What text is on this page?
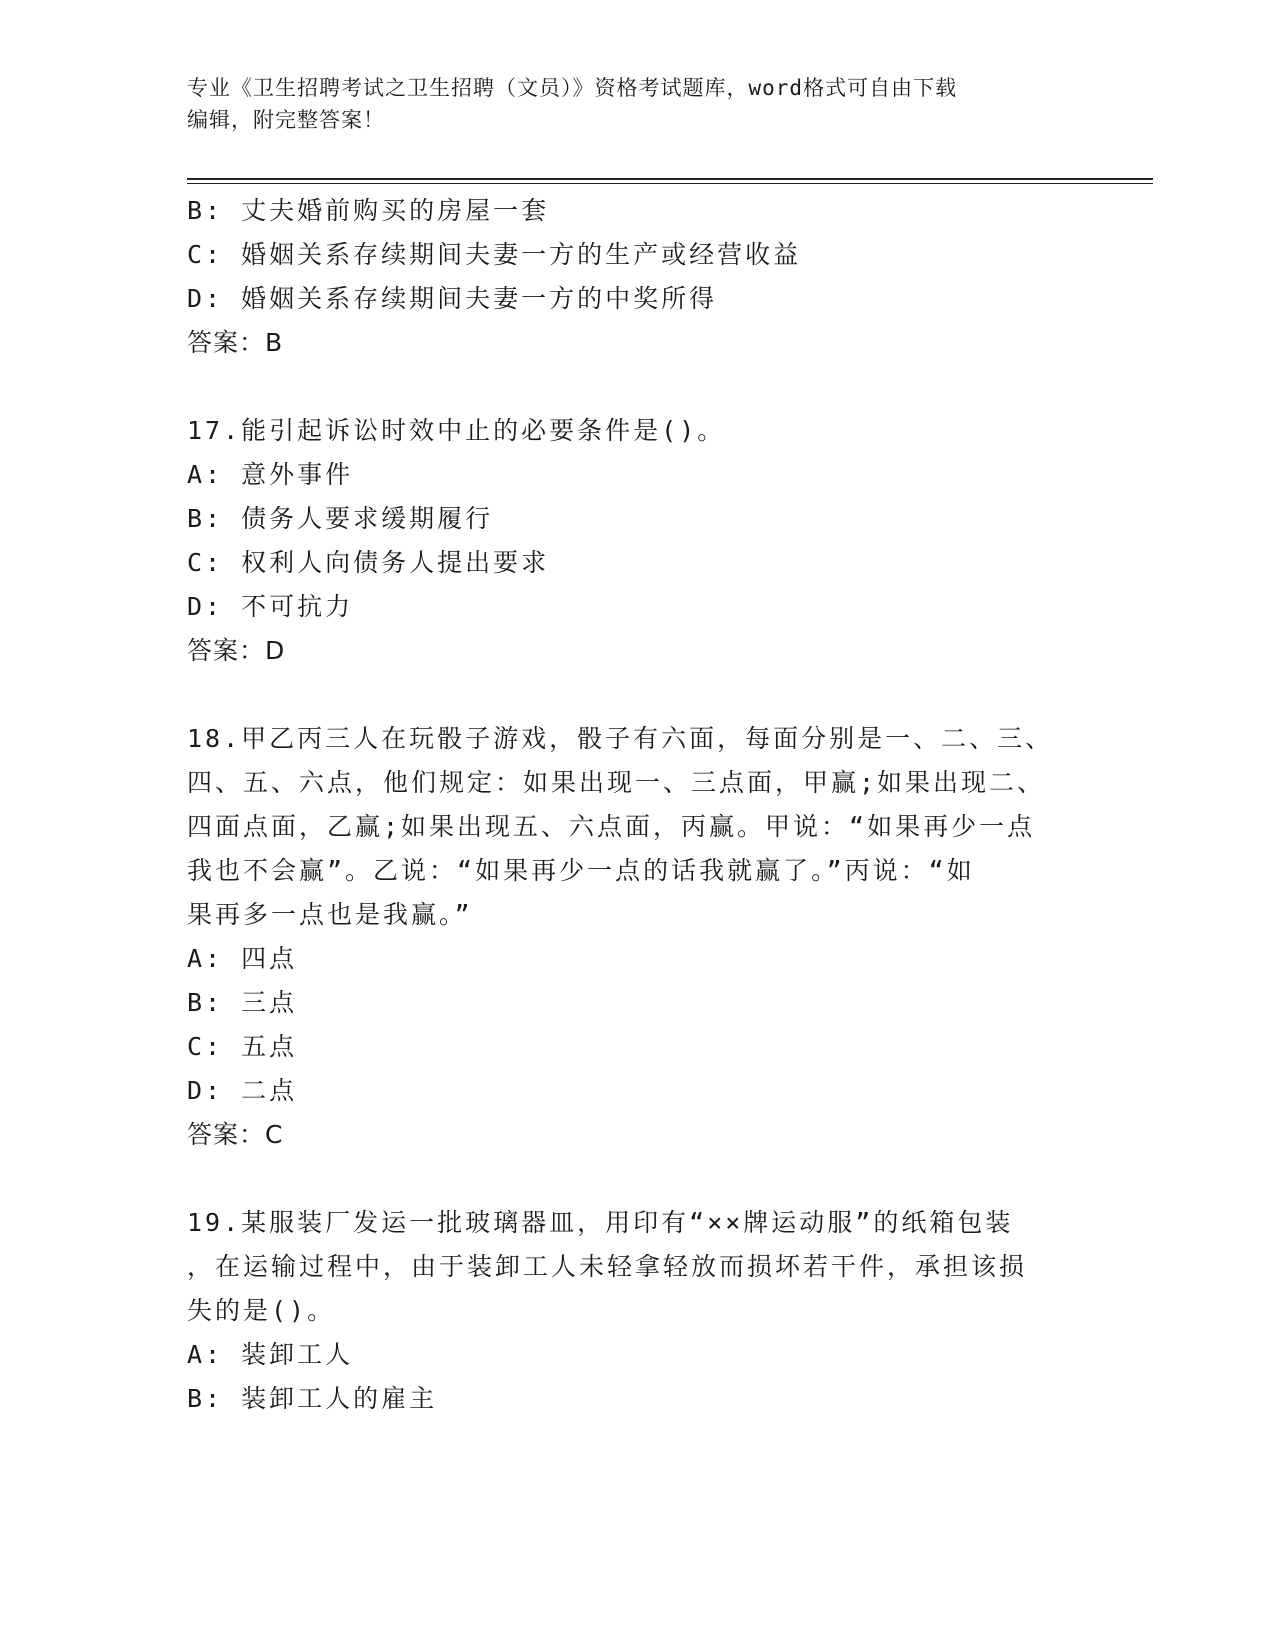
专业《卫生招聘考试之卫生招聘（文员）》资格考试题库，word格式可自由下载
编辑，附完整答案！
B: 丈夫婚前购买的房屋一套
C: 婚姻关系存续期间夫妻一方的生产或经营收益
D: 婚姻关系存续期间夫妻一方的中奖所得
答案：B
17.能引起诉讼时效中止的必要条件是()。
A: 意外事件
B: 债务人要求缓期履行
C: 权利人向债务人提出要求
D: 不可抗力
答案：D
18.甲乙丙三人在玩骰子游戏，骰子有六面，每面分别是一、二、三、
四、五、六点，他们规定：如果出现一、三点面，甲赢;如果出现二、
四面点面，乙赢;如果出现五、六点面，丙赢。甲说：“如果再少一点
我也不会赢”。乙说：“如果再少一点的话我就赢了。”丙说：“如
果再多一点也是我赢。”
A: 四点
B: 三点
C: 五点
D: 二点
答案：C
19.某服装厂发运一批玻璃器皿，用印有“××牌运动服”的纸箱包装
，在运输过程中，由于装卸工人未轻拿轻放而损坏若干件，承担该损
失的是()。
A: 装卸工人
B: 装卸工人的雇主
